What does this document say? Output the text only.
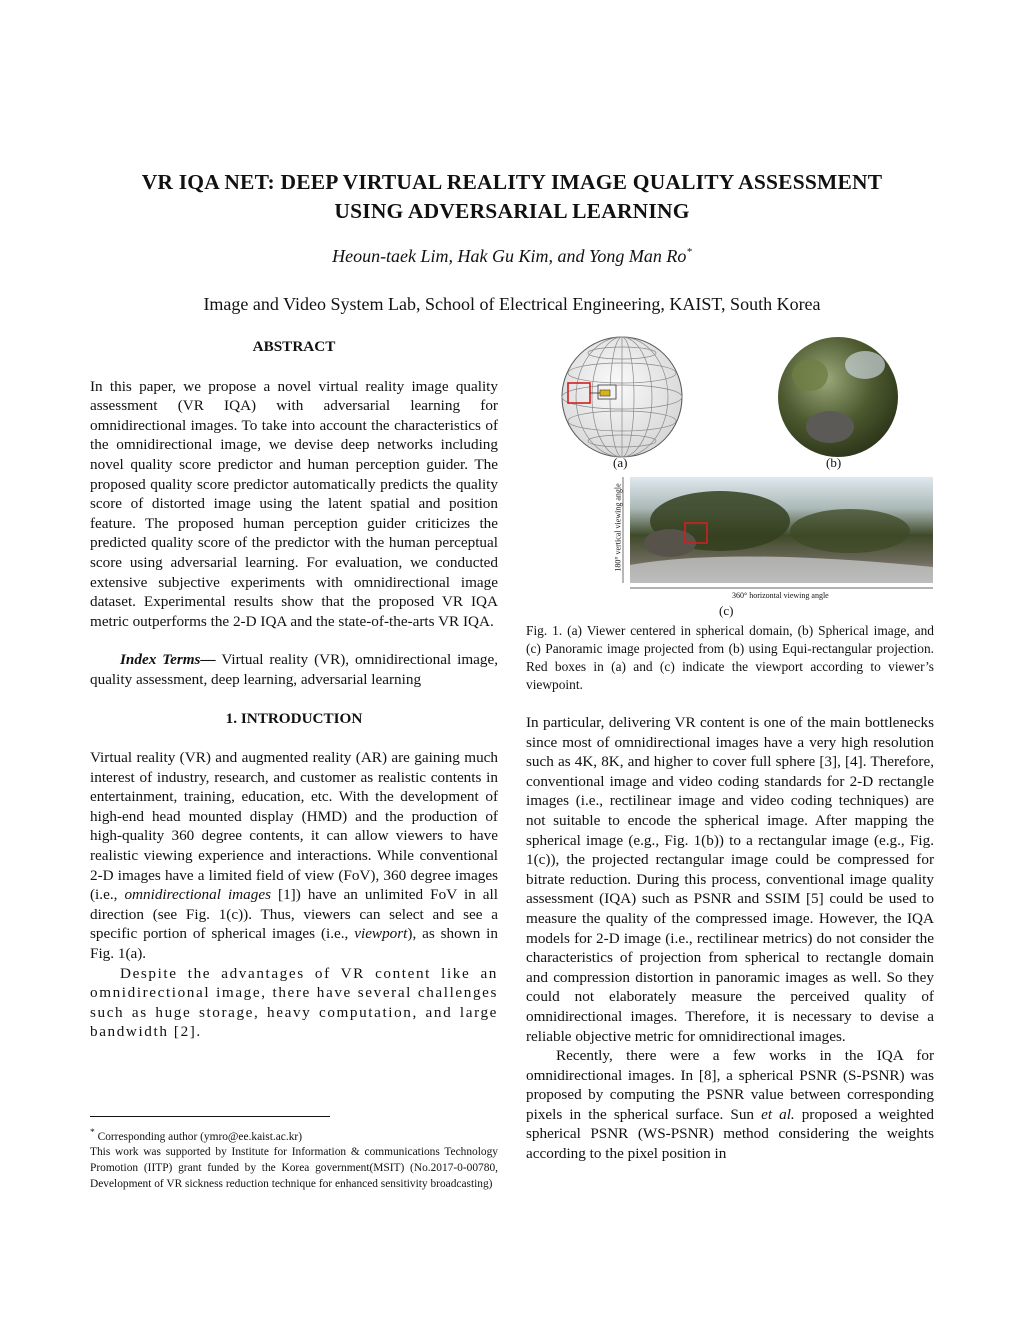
VR IQA NET: DEEP VIRTUAL REALITY IMAGE QUALITY ASSESSMENT
USING ADVERSARIAL LEARNING
Heoun-taek Lim, Hak Gu Kim, and Yong Man Ro*
Image and Video System Lab, School of Electrical Engineering, KAIST, South Korea
ABSTRACT

In this paper, we propose a novel virtual reality image quality assessment (VR IQA) with adversarial learning for omnidirectional images. To take into account the characteristics of the omnidirectional image, we devise deep networks including novel quality score predictor and human perception guider. The proposed quality score predictor automatically predicts the quality score of distorted image using the latent spatial and position feature. The proposed human perception guider criticizes the predicted quality score of the predictor with the human perceptual score using adversarial learning. For evaluation, we conducted extensive subjective experiments with omnidirectional image dataset. Experimental results show that the proposed VR IQA metric outperforms the 2-D IQA and the state-of-the-arts VR IQA.

Index Terms— Virtual reality (VR), omnidirectional image, quality assessment, deep learning, adversarial learning

1. INTRODUCTION

Virtual reality (VR) and augmented reality (AR) are gaining much interest of industry, research, and customer as realistic contents in entertainment, training, education, etc. With the development of high-end head mounted display (HMD) and the production of high-quality 360 degree contents, it can allow viewers to have realistic viewing experience and interactions. While conventional 2-D images have a limited field of view (FoV), 360 degree images (i.e., omnidirectional images [1]) have an unlimited FoV in all direction (see Fig. 1(c)). Thus, viewers can select and see a specific portion of spherical images (i.e., viewport), as shown in Fig. 1(a).

Despite the advantages of VR content like an omnidirectional image, there have several challenges such as huge storage, heavy computation, and large bandwidth [2].

* Corresponding author (ymro@ee.kaist.ac.kr)

This work was supported by Institute for Information & communications Technology Promotion (IITP) grant funded by the Korea government(MSIT) (No.2017-0-00780, Development of VR sickness reduction technique for enhanced sensitivity broadcasting)

(a)	(b)
(c)
180° vertical viewing angle
360° horizontal viewing angle

Fig. 1. (a) Viewer centered in spherical domain, (b) Spherical image, and (c) Panoramic image projected from (b) using Equi-rectangular projection. Red boxes in (a) and (c) indicate the viewport according to viewer’s viewpoint.

In particular, delivering VR content is one of the main bottlenecks since most of omnidirectional images have a very high resolution such as 4K, 8K, and higher to cover full sphere [3], [4]. Therefore, conventional image and video coding standards for 2-D rectangle images (i.e., rectilinear image and video coding techniques) are not suitable to encode the spherical image. After mapping the spherical image (e.g., Fig. 1(b)) to a rectangular image (e.g., Fig. 1(c)), the projected rectangular image could be compressed for bitrate reduction. During this process, conventional image quality assessment (IQA) such as PSNR and SSIM [5] could be used to measure the quality of the compressed image. However, the IQA models for 2-D image (i.e., rectilinear metrics) do not consider the characteristics of projection from spherical to rectangle domain and compression distortion in panoramic images as well. So they could not elaborately measure the perceived quality of omnidirectional images. Therefore, it is necessary to devise a reliable objective metric for omnidirectional images.

Recently, there were a few works in the IQA for omnidirectional images. In [8], a spherical PSNR (S-PSNR) was proposed by computing the PSNR value between corresponding pixels in the spherical surface. Sun et al. proposed a weighted spherical PSNR (WS-PSNR) method considering the weights according to the pixel position in
